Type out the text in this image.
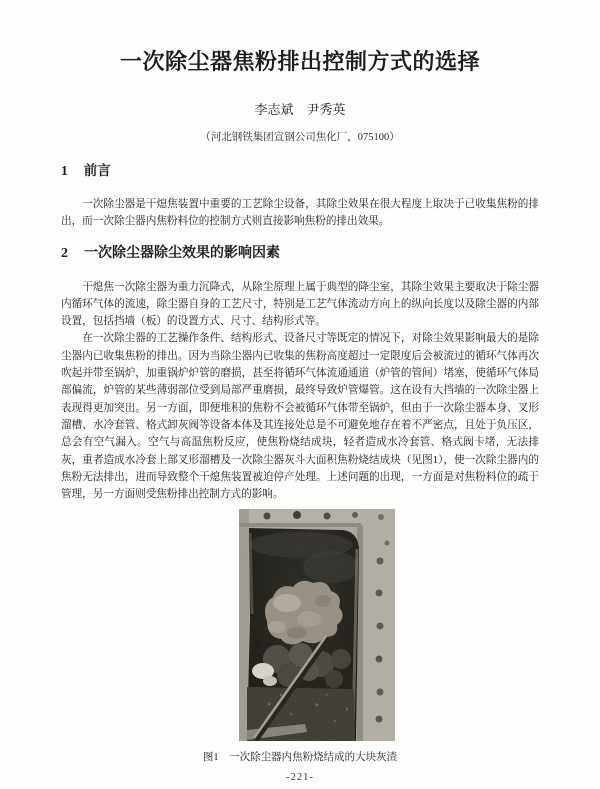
一次除尘器焦粉排出控制方式的选择
李志斌　尹秀英
（河北钢铁集团宣钢公司焦化厂，075100）
1 前言

一次除尘器是干熄焦装置中重要的工艺除尘设备，其除尘效果在很大程度上取决于已收集焦粉的排出，而一次除尘器内焦粉料位的控制方式则直接影响焦粉的排出效果。

2 一次除尘器除尘效果的影响因素

干熄焦一次除尘器为重力沉降式，从除尘原理上属于典型的降尘室，其除尘效果主要取决于除尘器内循环气体的流速，除尘器自身的工艺尺寸，特别是工艺气体流动方向上的纵向长度以及除尘器的内部设置，包括挡墙（板）的设置方式、尺寸、结构形式等。

在一次除尘器的工艺操作条件、结构形式、设备尺寸等既定的情况下，对除尘效果影响最大的是除尘器内已收集焦粉的排出。因为当除尘器内已收集的焦粉高度超过一定限度后会被流过的循环气体再次吹起并带至锅炉，加重锅炉炉管的磨损，甚至将循环气体流通通道（炉管的管间）堵塞，使循环气体局部偏流，炉管的某些薄弱部位受到局部严重磨损，最终导致炉管爆管。这在设有大挡墙的一次除尘器上表现得更加突出。另一方面，即便堆积的焦粉不会被循环气体带至锅炉，但由于一次除尘器本身、叉形溜槽、水冷套管、格式卸灰阀等设备本体及其连接处总是不可避免地存在着不严密点，且处于负压区，总会有空气漏入。空气与高温焦粉反应，使焦粉烧结成块，轻者造成水冷套管、格式阀卡堵，无法排灰，重者造成水冷套上部叉形溜槽及一次除尘器灰斗大面积焦粉烧结成块（见图1），使一次除尘器内的焦粉无法排出，进而导致整个干熄焦装置被迫停产处理。上述问题的出现，一方面是对焦粉料位的疏于管理，另一方面则受焦粉排出控制方式的影响。

图1　一次除尘器内焦粉烧结成的大块灰渣
-221-
